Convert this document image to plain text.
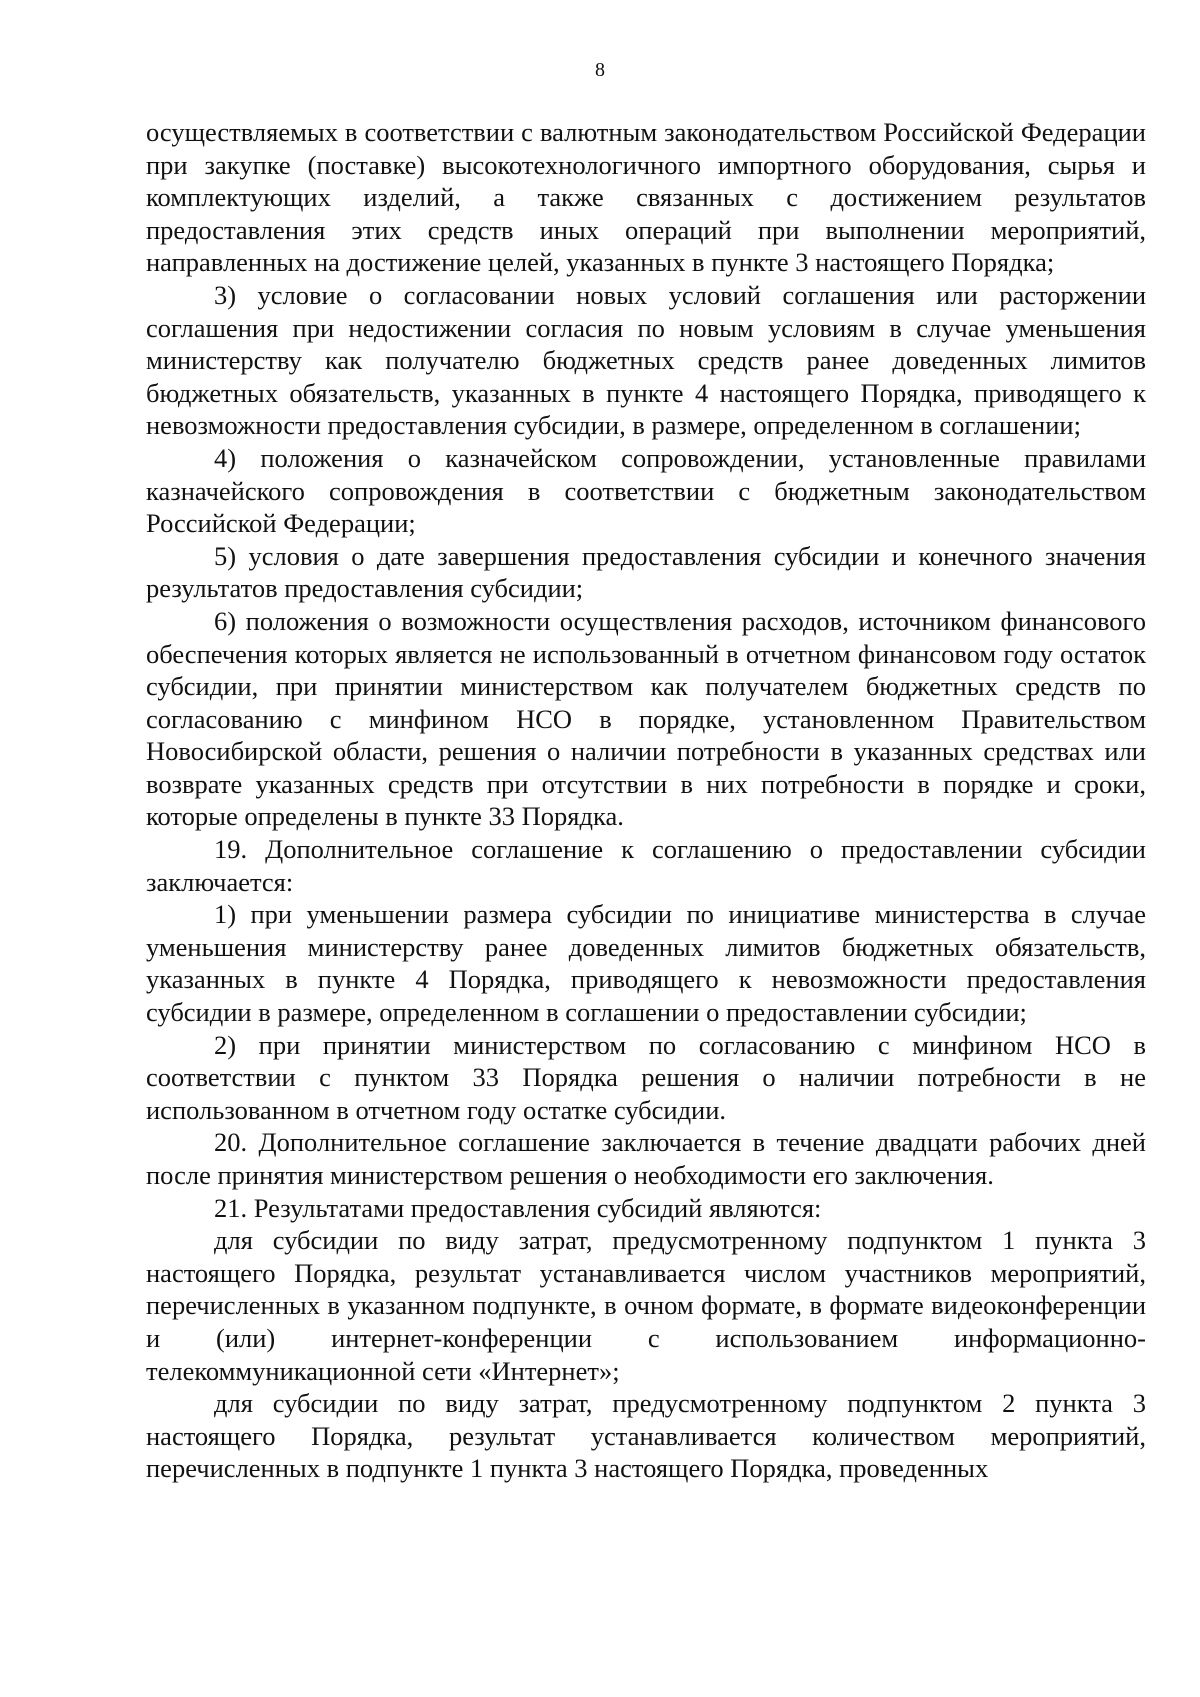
8

осуществляемых в соответствии с валютным законодательством Российской Федерации при закупке (поставке) высокотехнологичного импортного оборудования, сырья и комплектующих изделий, а также связанных с достижением результатов предоставления этих средств иных операций при выполнении мероприятий, направленных на достижение целей, указанных в пункте 3 настоящего Порядка;

3) условие о согласовании новых условий соглашения или расторжении соглашения при недостижении согласия по новым условиям в случае уменьшения министерству как получателю бюджетных средств ранее доведенных лимитов бюджетных обязательств, указанных в пункте 4 настоящего Порядка, приводящего к невозможности предоставления субсидии, в размере, определенном в соглашении;

4) положения о казначейском сопровождении, установленные правилами казначейского сопровождения в соответствии с бюджетным законодательством Российской Федерации;

5) условия о дате завершения предоставления субсидии и конечного значения результатов предоставления субсидии;

6) положения о возможности осуществления расходов, источником финансового обеспечения которых является не использованный в отчетном финансовом году остаток субсидии, при принятии министерством как получателем бюджетных средств по согласованию с минфином НСО в порядке, установленном Правительством Новосибирской области, решения о наличии потребности в указанных средствах или возврате указанных средств при отсутствии в них потребности в порядке и сроки, которые определены в пункте 33 Порядка.

19. Дополнительное соглашение к соглашению о предоставлении субсидии заключается:

1) при уменьшении размера субсидии по инициативе министерства в случае уменьшения министерству ранее доведенных лимитов бюджетных обязательств, указанных в пункте 4 Порядка, приводящего к невозможности предоставления субсидии в размере, определенном в соглашении о предоставлении субсидии;

2) при принятии министерством по согласованию с минфином НСО в соответствии с пунктом 33 Порядка решения о наличии потребности в не использованном в отчетном году остатке субсидии.

20. Дополнительное соглашение заключается в течение двадцати рабочих дней после принятия министерством решения о необходимости его заключения.

21. Результатами предоставления субсидий являются:

для субсидии по виду затрат, предусмотренному подпунктом 1 пункта 3 настоящего Порядка, результат устанавливается числом участников мероприятий, перечисленных в указанном подпункте, в очном формате, в формате видеоконференции и (или) интернет-конференции с использованием информационно-телекоммуникационной сети «Интернет»;

для субсидии по виду затрат, предусмотренному подпунктом 2 пункта 3 настоящего Порядка, результат устанавливается количеством мероприятий, перечисленных в подпункте 1 пункта 3 настоящего Порядка, проведенных
